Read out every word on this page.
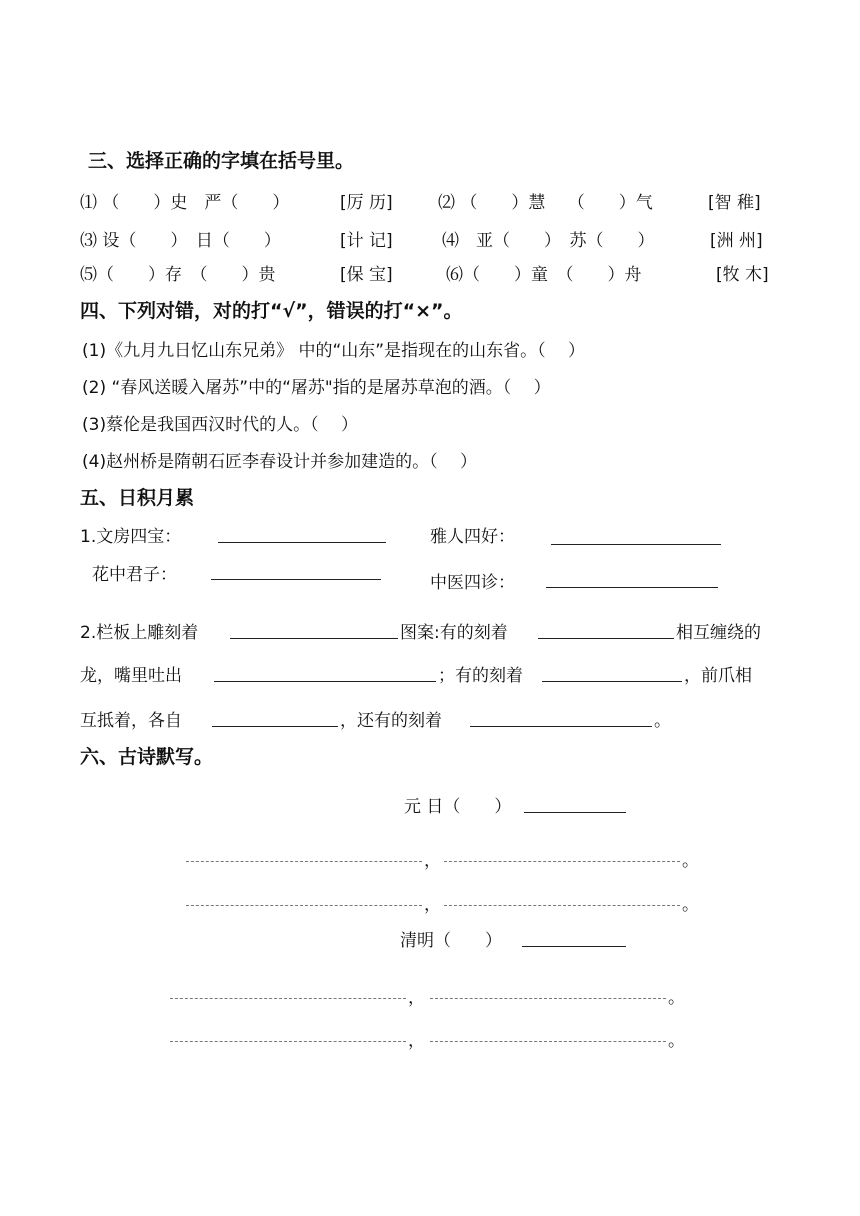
三、选择正确的字填在括号里。
⑴ （　　）史　严（　　）	[厉 历]	⑵ （　　）慧　 （　　）气	[智 稚]
⑶ 设（　　）　日（　　）	[计 记]	⑷　亚（　　）　苏（　　）	[洲 州]
⑸（　　）存　（　　）贵	[保 宝]	⑹（　　）童　（　　）舟	[牧 木]
四、下列对错，对的打“√”，错误的打“×”。
(1)《九月九日忆山东兄弟》 中的“山东”是指现在的山东省。（　 ）
(2) “春风送暖入屠苏”中的“屠苏"指的是屠苏草泡的酒。（　 ）
(3)蔡伦是我国西汉时代的人。（　 ）
(4)赵州桥是隋朝石匠李春设计并参加建造的。（　 ）
五、日积月累
1.文房四宝：	雅人四好：
花中君子：	中医四诊：
2.栏板上雕刻着	图案:有的刻着	相互缠绕的
龙，嘴里吐出	；有的刻着	，前爪相
互抵着，各自	，还有的刻着	。
六、古诗默写。
元 日（　　）
，	。
，	。
清明（　　）
，	。
，	。
